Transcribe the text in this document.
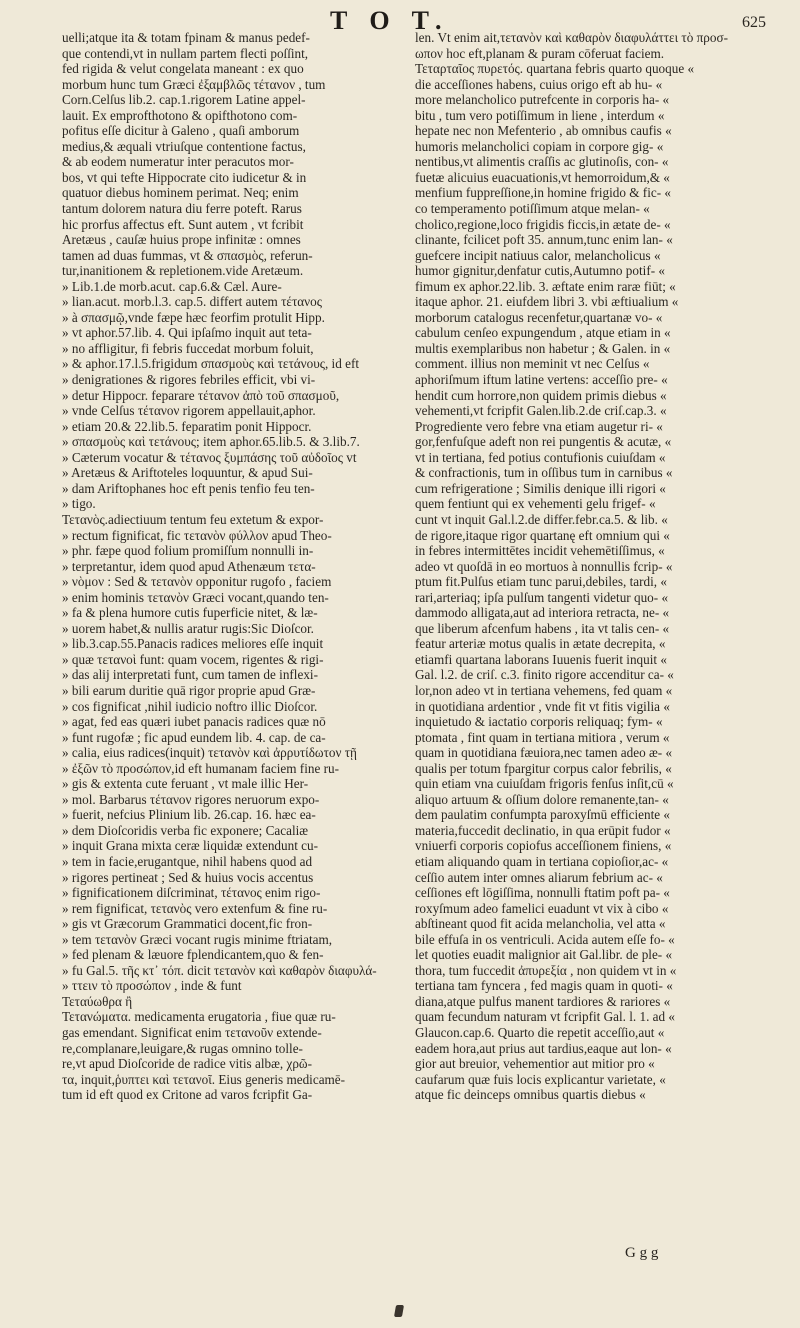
T O T.	625
uelli;atque ita & totam fpinam & manus pedef-
que contendi,vt in nullam partem flecti poſſint,
fed rigida & velut congelata maneant : ex quo
morbum hunc tum Græci ἐξαμβλῶς τέτανον , tum
Corn.Celſus lib.2. cap.1.rigorem Latine appel-
lauit. Ex emprofthotono & opifthotono com-
pofitus eſſe dicitur à Galeno , quaſi amborum
medius,& æquali vtriuſque contentione factus,
& ab eodem numeratur inter peracutos mor-
bos, vt qui tefte Hippocrate cito iudicetur & in
quatuor diebus hominem perimat. Neq; enim
tantum dolorem natura diu ferre poteft. Rarus
hic prorfus affectus eft. Sunt autem , vt fcribit
Aretæus , cauſæ huius prope infinitæ : omnes
tamen ad duas fummas, vt & σπασμὸς, referun-
tur,inanitionem & repletionem.vide Aretæum.
» Lib.1.de morb.acut. cap.6.& Cæl. Aure-
» lian.acut. morb.l.3. cap.5. differt autem τέτανος
» à σπασμῷ,vnde fæpe hæc feorfim protulit Hipp.
» vt aphor.57.lib. 4. Qui ipſaſmo inquit aut teta-
» no affligitur, fi febris fuccedat morbum foluit,
» & aphor.17.l.5.frigidum σπασμοὺς καὶ τετάνους, id eft
» denigrationes & rigores febriles efficit, vbi vi-
» detur Hippocr. feparare τέτανον ἀπὸ τοῦ σπασμοῦ,
» vnde Celſus τέτανον rigorem appellauit,aphor.
» etiam 20.& 22.lib.5. feparatim ponit Hippocr.
» σπασμοὺς καὶ τετάνους; item aphor.65.lib.5. & 3.lib.7.
» Cæterum vocatur & τέτανος ξυμπάσης τοῦ αὐδοῖος vt
» Aretæus & Ariftoteles loquuntur, & apud Sui-
» dam Ariftophanes hoc eft penis tenfio feu ten-
» tigo.
Τετανὸς.adiectiuum tentum feu extetum & expor-
» rectum fignificat, fic τετανὸν φύλλον apud Theo-
» phr. fæpe quod folium promiſſum nonnulli in-
» terpretantur, idem quod apud Athenæum τετα-
» νὸμον : Sed & τετανὸν opponitur rugofo , faciem
» enim hominis τετανὸν Græci vocant,quando ten-
» fa & plena humore cutis fuperficie nitet, & læ-
» uorem habet,& nullis aratur rugis:Sic Dioſcor.
» lib.3.cap.55.Panacis radices meliores eſſe inquit
» quæ τετανοὶ funt: quam vocem, rigentes & rigi-
» das alij interpretati funt, cum tamen de inflexi-
» bili earum duritie quā rigor proprie apud Græ-
» cos fignificat ,nihil iudicio noftro illic Dioſcor.
» agat, fed eas quæri iubet panacis radices quæ nō
» funt rugofæ ; fic apud eundem lib. 4. cap. de ca-
» calia, eius radices(inquit) τετανὸν καὶ ἀρρυτίδωτον τῇ
» ἐξῶν τὸ προσώπον,id eft humanam faciem fine ru-
» gis & extenta cute feruant , vt male illic Her-
» mol. Barbarus τέτανον rigores neruorum expo-
» fuerit, nefcius Plinium lib. 26.cap. 16. hæc ea-
» dem Dioſcoridis verba fic exponere; Cacaliæ
» inquit Grana mixta ceræ liquidæ extendunt cu-
» tem in facie,erugantque, nihil habens quod ad
» rigores pertineat ; Sed & huius vocis accentus
» fignificationem diſcriminat, τέτανος enim rigo-
» rem fignificat, τετανὸς vero extenfum & fine ru-
» gis vt Græcorum Grammatici docent,fic fron-
» tem τετανὸν Græci vocant rugis minime ftriatam,
» fed plenam & læuore fplendicantem,quo & fen-
» fu Gal.5. τῆς κτ᾽ τόπ. dicit τετανὸν καὶ καθαρὸν διαφυλά-
» ττειν τὸ προσώπον , inde & funt
Τεταύωθρα ἢ
Τετανώματα. medicamenta erugatoria , fiue quæ ru-
gas emendant. Significat enim τετανοῦν extende-
re,complanare,leuigare,& rugas omnino tolle-
re,vt apud Dioſcoride de radice vitis albæ, χρῶ-
τα, inquit,ῥυπτει καὶ τετανοῖ. Eius generis medicamē-
tum id eft quod ex Critone ad varos fcripfit Ga-
len. Vt enim ait,τετανὸν καὶ καθαρὸν διαφυλάττει τὸ προσ-
ωπον hoc eft,planam & puram cōferuat faciem.
Τεταρταῖος πυρετός. quartana febris quarto quoque «
die acceſſiones habens, cuius origo eft ab hu- «
more melancholico putrefcente in corporis ha- «
bitu , tum vero potiſſimum in liene , interdum «
hepate nec non Mefenterio , ab omnibus caufis «
humoris melancholici copiam in corpore gig- «
nentibus,vt alimentis craſſis ac glutinoſis, con- «
fuetæ alicuius euacuationis,vt hemorroidum,& «
menfium fuppreſſione,in homine frigido & fic- «
co temperamento potiſſimum atque melan- «
cholico,regione,loco frigidis ficcis,in ætate de- «
clinante, fcilicet poft 35. annum,tunc enim lan- «
guefcere incipit natiuus calor, melancholicus «
humor gignitur,denfatur cutis,Autumno potif- «
fimum ex aphor.22.lib. 3. æftate enim raræ fiūt; «
itaque aphor. 21. eiufdem libri 3. vbi æftiualium «
morborum catalogus recenfetur,quartanæ vo- «
cabulum cenſeo expungendum , atque etiam in «
multis exemplaribus non habetur ; & Galen. in «
comment. illius non meminit vt nec Celſus «
aphoriſmum iftum latine vertens: acceſſio pre- «
hendit cum horrore,non quidem primis diebus «
vehementi,vt fcripfit Galen.lib.2.de criſ.cap.3. «
Progrediente vero febre vna etiam augetur ri- «
gor,fenfuſque adeft non rei pungentis & acutæ, «
vt in tertiana, fed potius contufionis cuiuſdam «
& confractionis, tum in oſſibus tum in carnibus «
cum refrigeratione ; Similis denique illi rigori «
quem fentiunt qui ex vehementi gelu frigef- «
cunt vt inquit Gal.l.2.de differ.febr.ca.5. & lib. «
de rigore,itaque rigor quartanę eft omnium qui «
in febres intermittētes incidit vehemētiſſimus, «
adeo vt quoſdā in eo mortuos à nonnullis fcrip- «
ptum fit.Pulſus etiam tunc parui,debiles, tardi, «
rari,arteriaq; ipſa pulſum tangenti videtur quo- «
dammodo alligata,aut ad interiora retracta, ne- «
que liberum afcenfum habens , ita vt talis cen- «
featur arteriæ motus qualis in ætate decrepita, «
etiamfi quartana laborans Iuuenis fuerit inquit «
Gal. l.2. de criſ. c.3. finito rigore accenditur ca- «
lor,non adeo vt in tertiana vehemens, fed quam «
in quotidiana ardentior , vnde fit vt fitis vigilia «
inquietudo & iactatio corporis reliquaq; fym- «
ptomata , fint quam in tertiana mitiora , verum «
quam in quotidiana fæuiora,nec tamen adeo æ- «
qualis per totum fpargitur corpus calor febrilis, «
quin etiam vna cuiuſdam frigoris fenſus inſit,cū «
aliquo artuum & oſſium dolore remanente,tan- «
dem paulatim confumpta paroxyſmū efficiente «
materia,fuccedit declinatio, in qua erūpit fudor «
vniuerfi corporis copiofus acceſſionem finiens, «
etiam aliquando quam in tertiana copioſior,ac- «
ceſſio autem inter omnes aliarum febrium ac- «
ceſſiones eft lōgiſſima, nonnulli ftatim poft pa- «
roxyſmum adeo famelici euadunt vt vix à cibo «
abſtineant quod fit acida melancholia, vel atta «
bile effuſa in os ventriculi. Acida autem eſſe fo- «
let quoties euadit malignior ait Gal.libr. de ple- «
thora, tum fuccedit ἀπυρεξία , non quidem vt in «
tertiana tam fyncera , fed magis quam in quoti- «
diana,atque pulfus manent tardiores & rariores «
quam fecundum naturam vt fcripfit Gal. l. 1. ad «
Glaucon.cap.6. Quarto die repetit acceſſio,aut «
eadem hora,aut prius aut tardius,eaque aut lon- «
gior aut breuior, vehementior aut mitior pro «
caufarum quæ fuis locis explicantur varietate, «
atque fic deinceps omnibus quartis diebus «
G g g
